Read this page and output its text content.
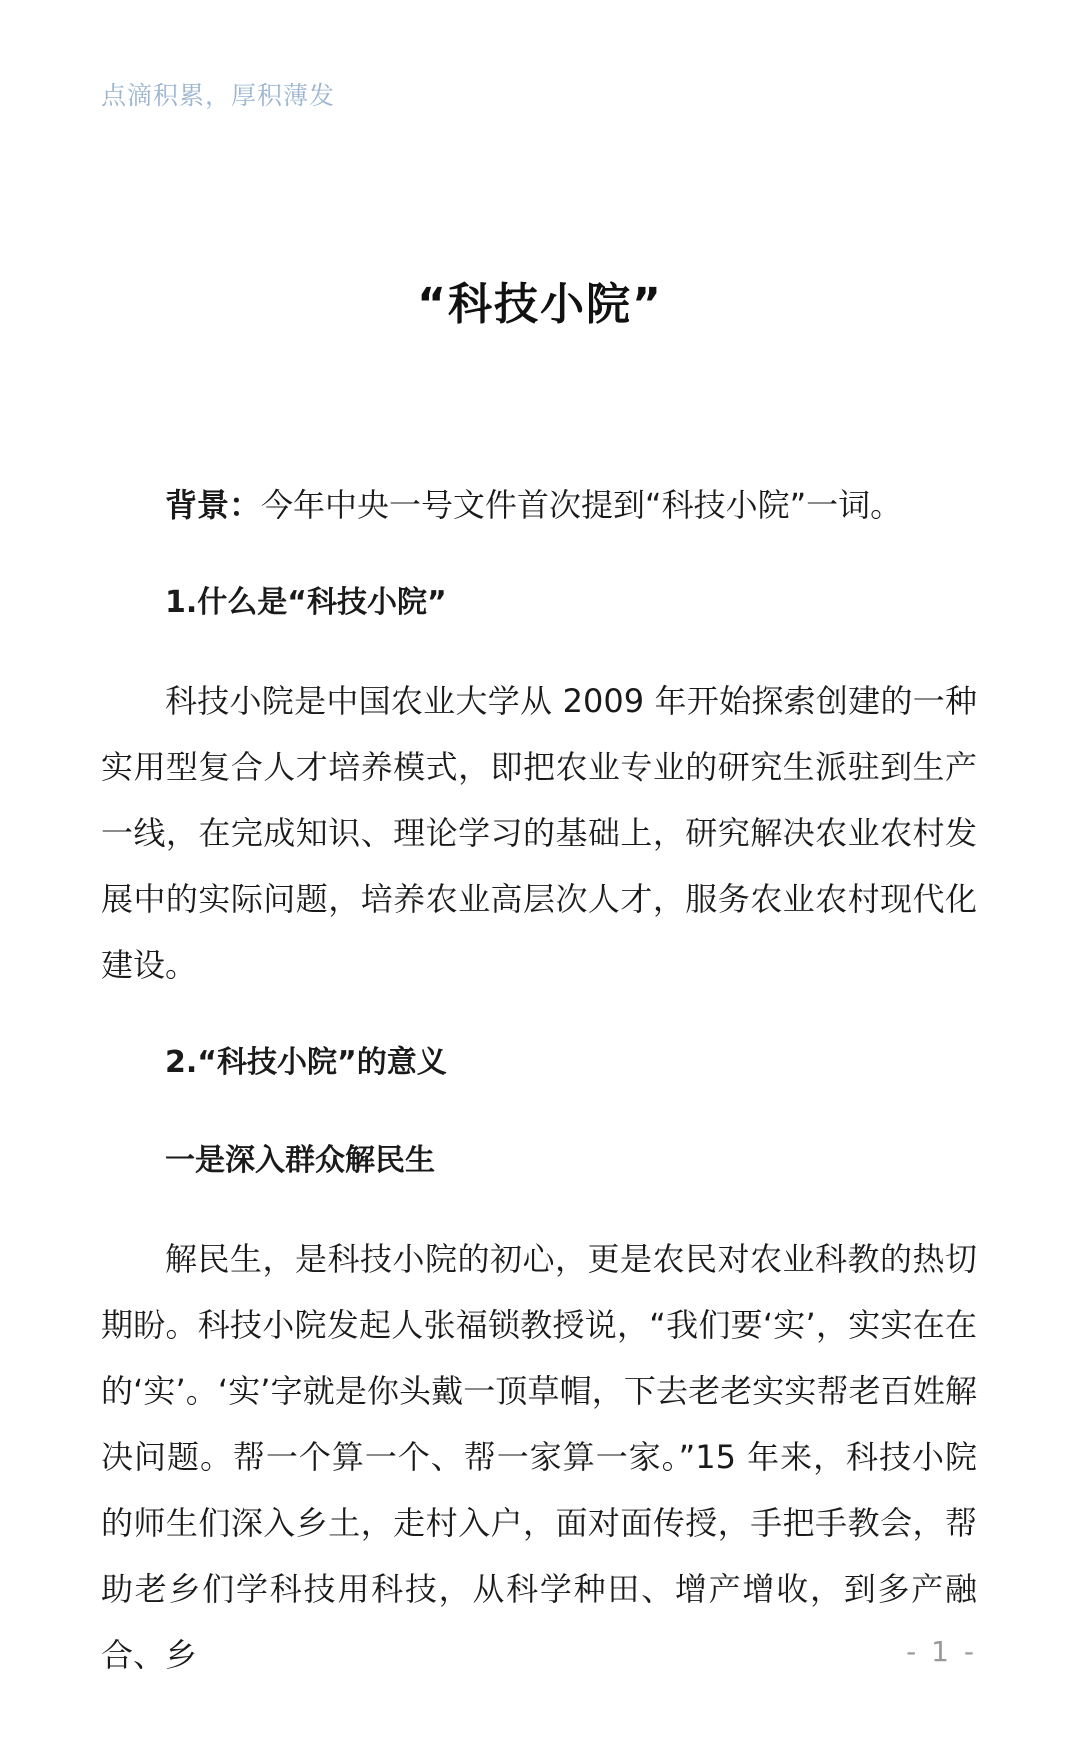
点滴积累，厚积薄发
“科技小院”

背景：今年中央一号文件首次提到“科技小院”一词。

1.什么是“科技小院”

科技小院是中国农业大学从 2009 年开始探索创建的一种实用型复合人才培养模式，即把农业专业的研究生派驻到生产一线，在完成知识、理论学习的基础上，研究解决农业农村发展中的实际问题，培养农业高层次人才，服务农业农村现代化建设。

2.“科技小院”的意义

一是深入群众解民生

解民生，是科技小院的初心，更是农民对农业科教的热切期盼。科技小院发起人张福锁教授说，“我们要‘实’，实实在在的‘实’。‘实’字就是你头戴一顶草帽，下去老老实实帮老百姓解决问题。帮一个算一个、帮一家算一家。”15 年来，科技小院的师生们深入乡土，走村入户，面对面传授，手把手教会，帮助老乡们学科技用科技，从科学种田、增产增收，到多产融合、乡	- 1 -
